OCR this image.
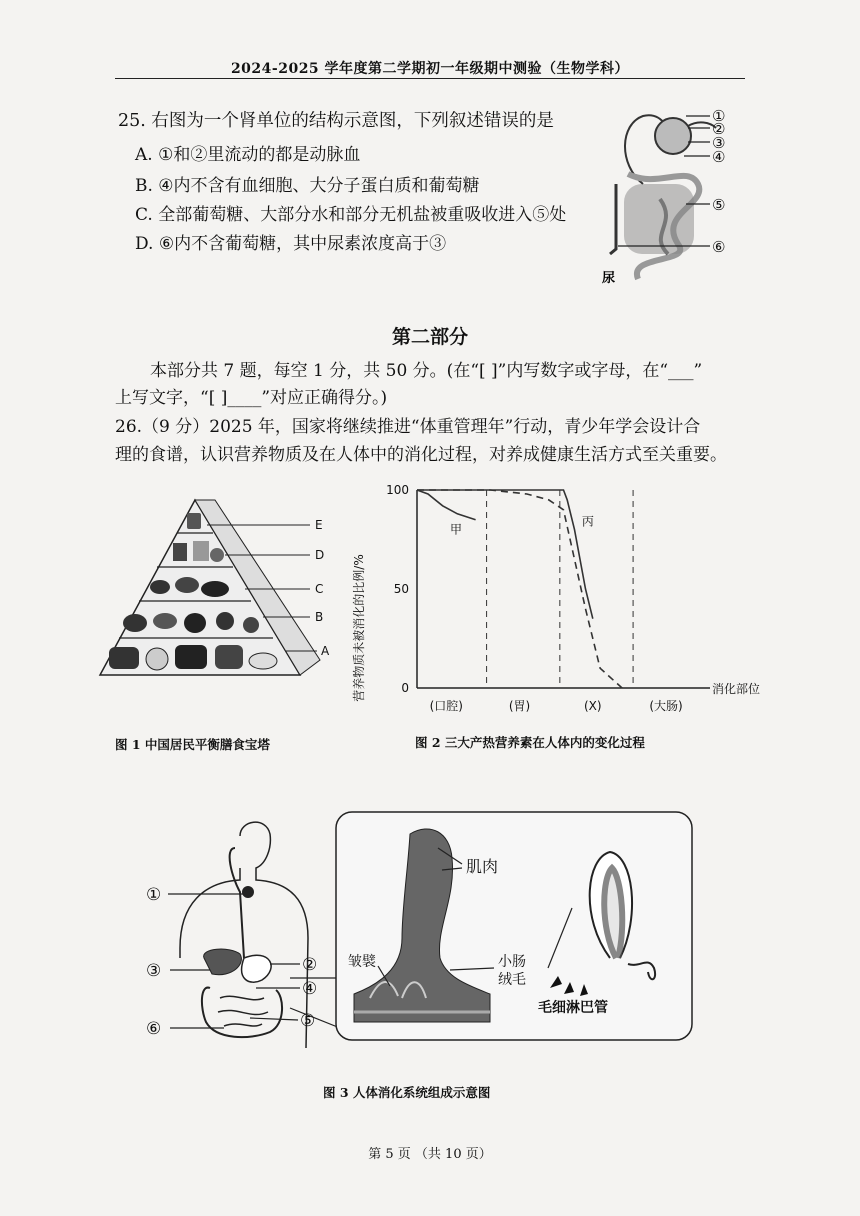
2024-2025 学年度第二学期初一年级期中测验（生物学科）
25. 右图为一个肾单位的结构示意图，下列叙述错误的是
A. ①和②里流动的都是动脉血
B. ④内不含有血细胞、大分子蛋白质和葡萄糖
C. 全部葡萄糖、大部分水和部分无机盐被重吸收进入⑤处
D. ⑥内不含葡萄糖，其中尿素浓度高于③
①
②
③
④
⑤
⑥
尿
第二部分
本部分共 7 题，每空 1 分，共 50 分。(在“[ ]”内写数字或字母，在“___”
上写文字，“[ ]____”对应正确得分。)
26.（9 分）2025 年，国家将继续推进“体重管理年”行动，青少年学会设计合
理的食谱，认识营养物质及在人体中的消化过程，对养成健康生活方式至关重要。
E
D
C
B
A
图 1 中国居民平衡膳食宝塔
营养物质未被消化的比例/%	消化部位
0
50
100
(口腔)	(胃)	(X)	(大肠)
甲
丙
图 2 三大产热营养素在人体内的变化过程
①
②
③
④
⑤
⑥
肌肉
皱襞	小肠
绒毛
毛细淋巴管
图 3 人体消化系统组成示意图
第 5 页 （共 10 页）
